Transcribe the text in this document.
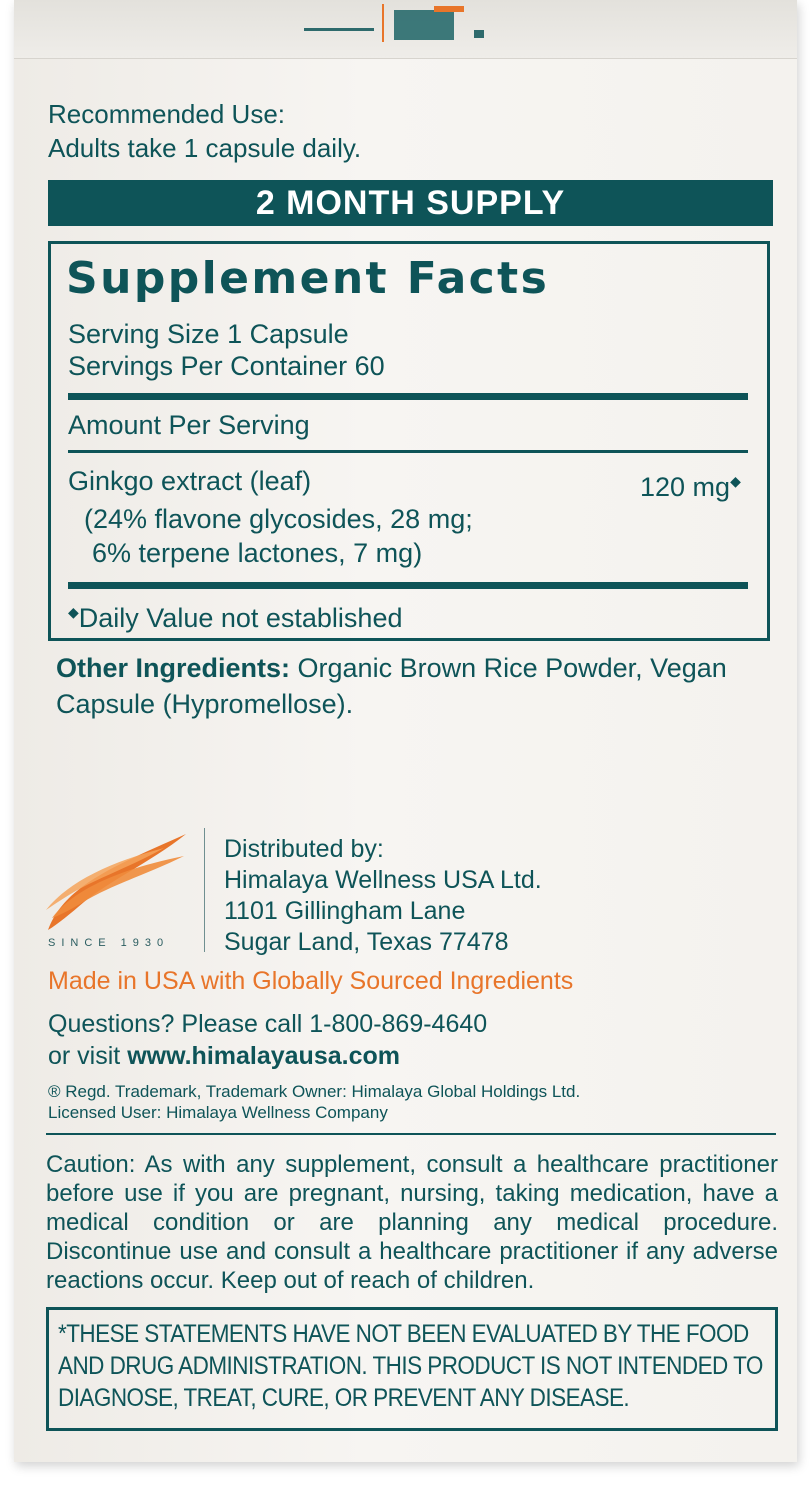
Recommended Use:
Adults take 1 capsule daily.
2 MONTH SUPPLY
Supplement Facts
Serving Size 1 Capsule
Servings Per Container 60
Amount Per Serving
Ginkgo extract (leaf)	120 mg◆
(24% flavone glycosides, 28 mg;
6% terpene lactones, 7 mg)
◆Daily Value not established
Other Ingredients: Organic Brown Rice Powder, Vegan Capsule (Hypromellose).
SINCE 1930
Distributed by:
Himalaya Wellness USA Ltd.
1101 Gillingham Lane
Sugar Land, Texas 77478
Made in USA with Globally Sourced Ingredients
Questions? Please call 1-800-869-4640
or visit www.himalayausa.com
® Regd. Trademark, Trademark Owner: Himalaya Global Holdings Ltd.
Licensed User: Himalaya Wellness Company
Caution: As with any supplement, consult a healthcare practitioner before use if you are pregnant, nursing, taking medication, have a medical condition or are planning any medical procedure. Discontinue use and consult a healthcare practitioner if any adverse reactions occur. Keep out of reach of children.
*THESE STATEMENTS HAVE NOT BEEN EVALUATED BY THE FOOD AND DRUG ADMINISTRATION. THIS PRODUCT IS NOT INTENDED TO DIAGNOSE, TREAT, CURE, OR PREVENT ANY DISEASE.
